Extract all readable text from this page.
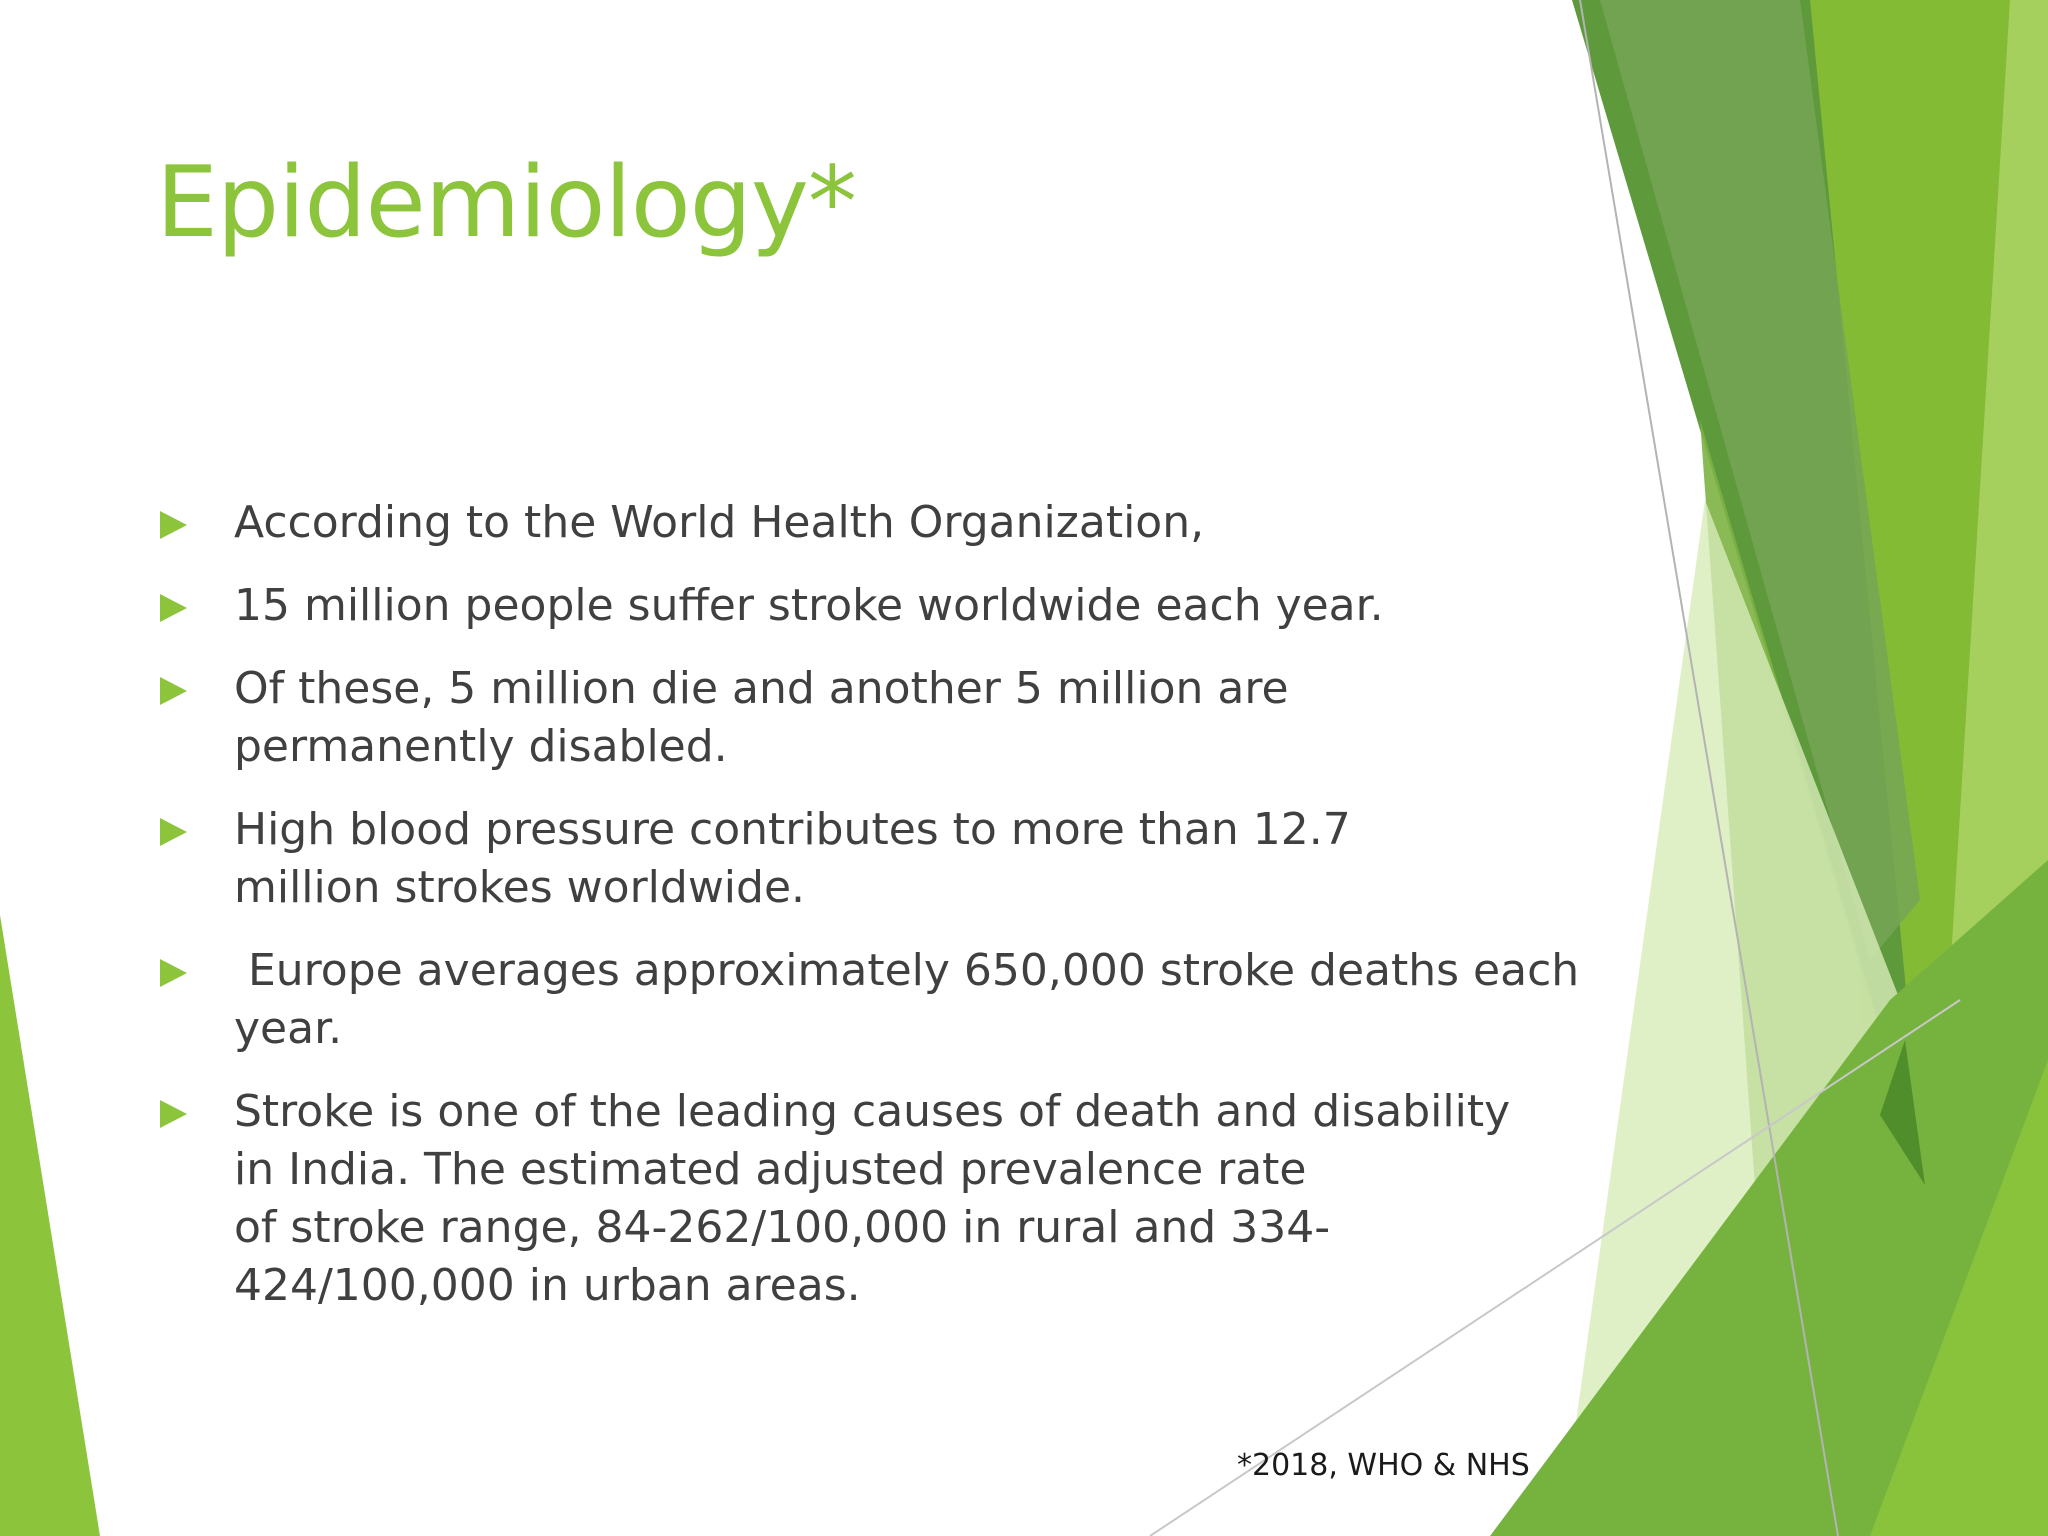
Epidemiology*
According to the World Health Organization,
15 million people suffer stroke worldwide each year.
Of these, 5 million die and another 5 million are
permanently disabled.
High blood pressure contributes to more than 12.7
million strokes worldwide.
Europe averages approximately 650,000 stroke deaths each
year.
Stroke is one of the leading causes of death and disability
in India. The estimated adjusted prevalence rate
of stroke range, 84-262/100,000 in rural and 334-
424/100,000 in urban areas.
*2018, WHO & NHS
